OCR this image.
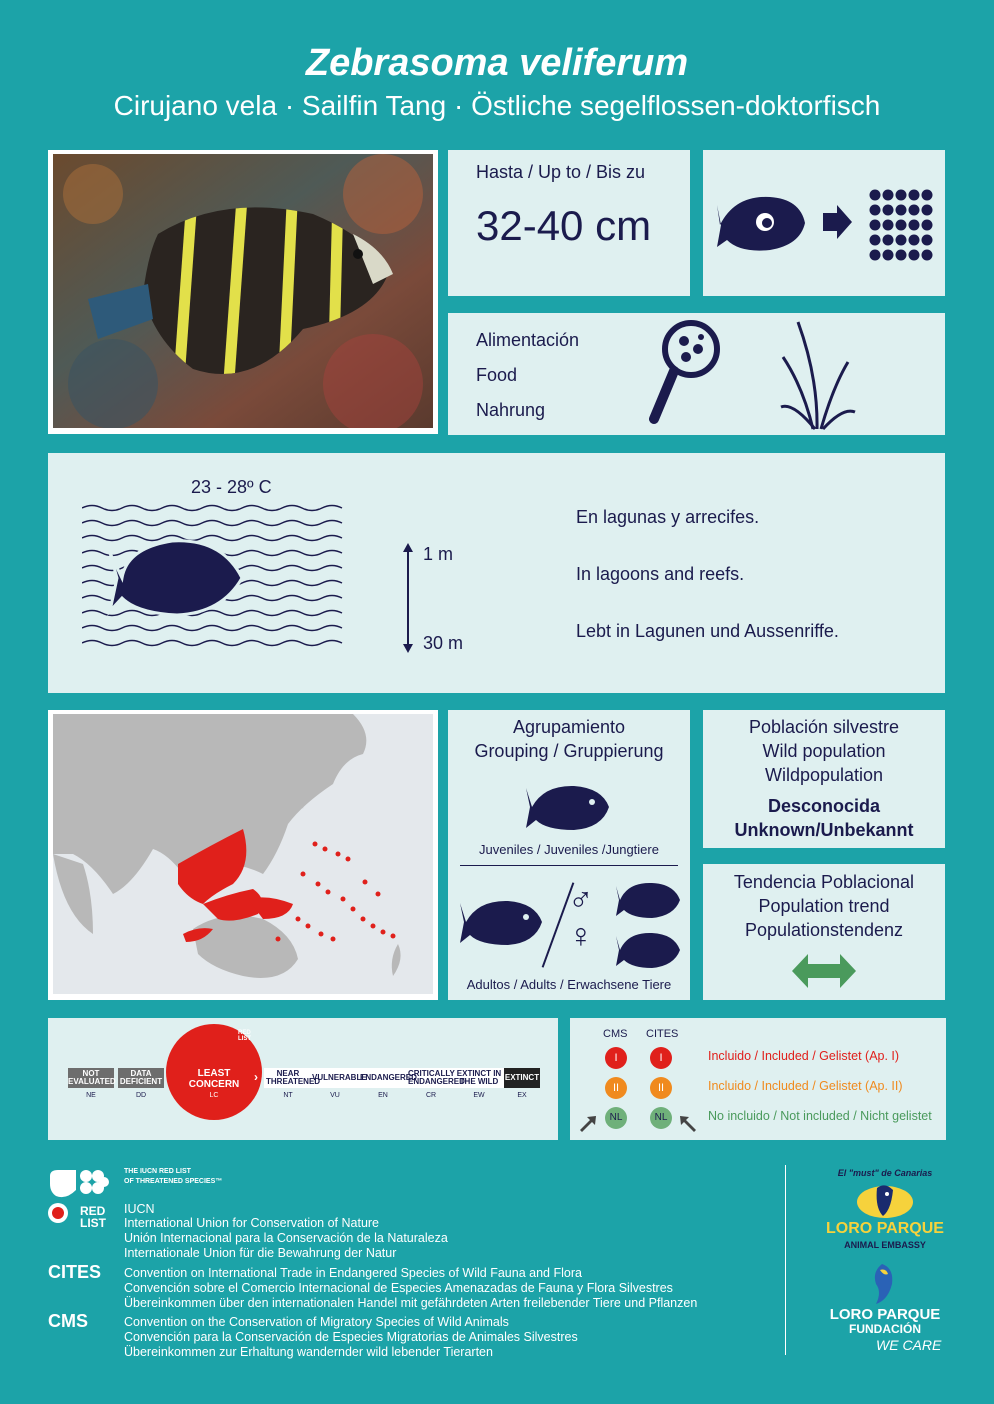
Zebrasoma veliferum
Cirujano vela · Sailfin Tang · Östliche segelflossen-doktorfisch
Hasta / Up to / Bis zu
32-40 cm
Alimentación
Food
Nahrung
23 - 28º C
1 m
30 m
En lagunas y arrecifes.
In lagoons and reefs.
Lebt in Lagunen und Aussenriffe.
Agrupamiento
Grouping / Gruppierung
Juveniles / Juveniles /Jungtiere
♂
♀
Adultos / Adults / Erwachsene Tiere
Población silvestre
Wild population
Wildpopulation
Desconocida
Unknown/Unbekannt
Tendencia Poblacional
Population trend
Populationstendenz
NOT EVALUATED
NE
DATA DEFICIENT
DD
LEAST CONCERN
LC
RED LIST
›	NEAR THREATENED
NT
VULNERABLE
VU
ENDANGERED
EN
CRITICALLY ENDANGERED
CR
EXTINCT IN THE WILD
EW
EXTINCT
EX
CMS CITES
I	I	Incluido / Included / Gelistet (Ap. I)
II	II	Incluido / Included / Gelistet (Ap. II)
NL	NL	No incluido / Not included / Nicht gelistet
RED LIST
THE IUCN RED LIST
OF THREATENED SPECIES™
IUCN
International Union for Conservation of Nature
Unión Internacional para la Conservación de la Naturaleza
Internationale Union für die Bewahrung der Natur
CITES Convention on International Trade in Endangered Species of Wild Fauna and Flora
Convención sobre el Comercio Internacional de Especies Amenazadas de Fauna y Flora Silvestres
Übereinkommen über den internationalen Handel mit gefährdeten Arten freilebender Tiere und Pflanzen
CMS	Convention on the Conservation of Migratory Species of Wild Animals
Convención para la Conservación de Especies Migratorias de Animales Silvestres
Übereinkommen zur Erhaltung wandernder wild lebender Tierarten
El "must" de Canarias
LORO PARQUE
ANIMAL EMBASSY
LORO PARQUE
FUNDACIÓN
WE CARE
